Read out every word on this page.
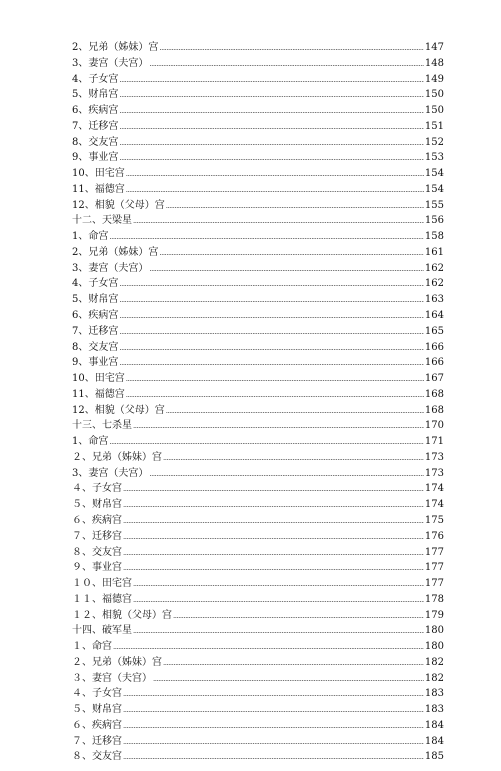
2、兄弟（姊妹）宫 .....	147
3、妻宫（夫宫） .....	148
4、子女宫 .....	149
5、财帛宫 .....	150
6、疾病宫 .....	150
7、迁移宫 .....	151
8、交友宫 .....	152
9、事业宫 .....	153
10、田宅宫 .....	154
11、福德宫 .....	154
12、相貌（父母）宫 .....	155
十二、天梁星 .....	156
1、命宫 .....	158
2、兄弟（姊妹）宫 .....	161
3、妻宫（夫宫） .....	162
4、子女宫 .....	162
5、财帛宫 .....	163
6、疾病宫 .....	164
7、迁移宫 .....	165
8、交友宫 .....	166
9、事业宫 .....	166
10、田宅宫 .....	167
11、福德宫 .....	168
12、相貌（父母）宫 .....	168
十三、七杀星 .....	170
1、命宫 .....	171
２、兄弟（姊妹）宫 .....	173
3、妻宫（夫宫） .....	173
４、子女宫 .....	174
５、财帛宫 .....	174
６、疾病宫 .....	175
７、迁移宫 .....	176
８、交友宫 .....	177
９、事业宫 .....	177
１０、田宅宫 .....	177
１１、福德宫 .....	178
１２、相貌（父母）宫 .....	179
十四、破军星 .....	180
１、命宫 .....	180
２、兄弟（姊妹）宫 .....	182
３、妻宫（夫宫） .....	182
４、子女宫 .....	183
５、财帛宫 .....	183
６、疾病宫 .....	184
７、迁移宫 .....	184
８、交友宫 .....	185
